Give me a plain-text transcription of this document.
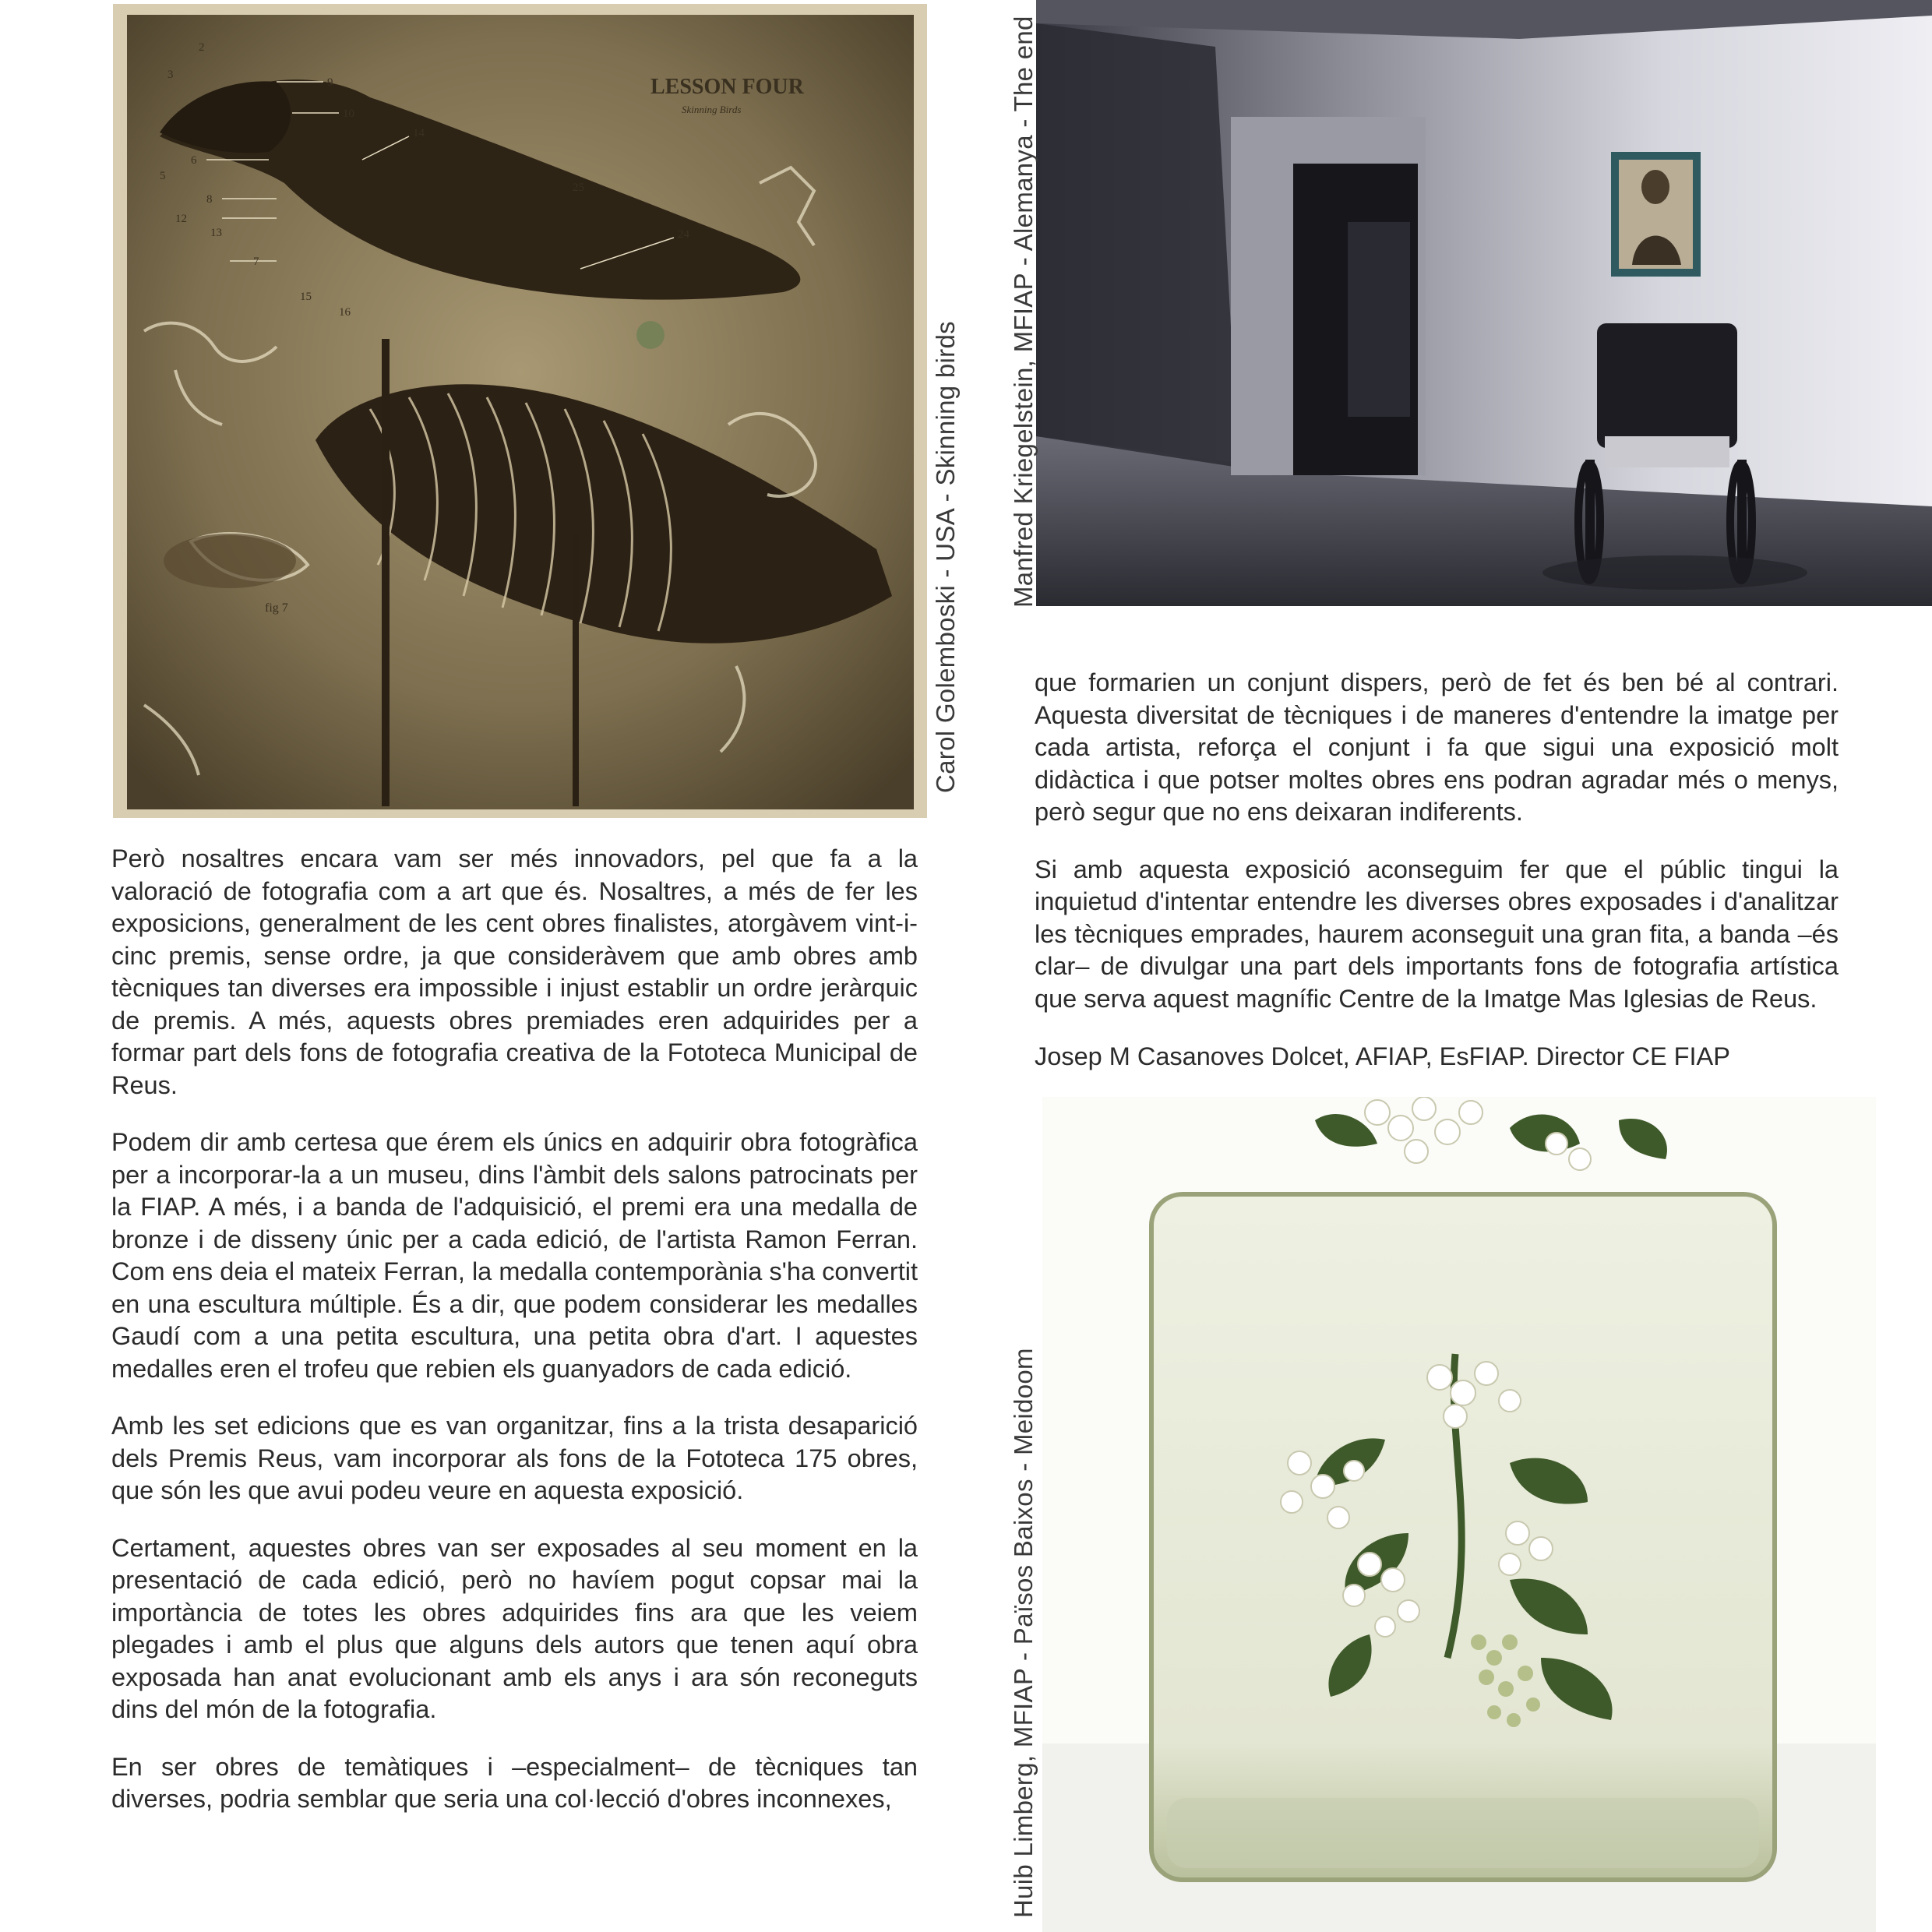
LESSON FOUR
Skinning Birds
fig 7
2
3
9
10
6
5
8
12
13
7
14
25
24
15
16
Carol Golemboski - USA - Skinning birds Manfred Kriegelstein, MFIAP - Alemanya - The end

Però nosaltres encara vam ser més innovadors, pel que fa a la valoració de fotografia com a art que és. Nosaltres, a més de fer les exposicions, generalment de les cent obres finalistes, atorgàvem vint-i-cinc premis, sense ordre, ja que consideràvem que amb obres amb tècniques tan diverses era impossible i injust establir un ordre jeràrquic de premis. A més, aquests obres premiades eren adquirides per a formar part dels fons de fotografia creativa de la Fototeca Municipal de Reus.

Podem dir amb certesa que érem els únics en adquirir obra fotogràfica per a incorporar-la a un museu, dins l'àmbit dels salons patrocinats per la FIAP. A més, i a banda de l'adquisició, el premi era una medalla de bronze i de disseny únic per a cada edició, de l'artista Ramon Ferran. Com ens deia el mateix Ferran, la medalla contemporània s'ha convertit en una escultura múltiple. És a dir, que podem considerar les medalles Gaudí com a una petita escultura, una petita obra d'art. I aquestes medalles eren el trofeu que rebien els guanyadors de cada edició.

Amb les set edicions que es van organitzar, fins a la trista desaparició dels Premis Reus, vam incorporar als fons de la Fototeca 175 obres, que són les que avui podeu veure en aquesta exposició.

Certament, aquestes obres van ser exposades al seu moment en la presentació de cada edició, però no havíem pogut copsar mai la importància de totes les obres adquirides fins ara que les veiem plegades i amb el plus que alguns dels autors que tenen aquí obra exposada han anat evolucionant amb els anys i ara són reconeguts dins del món de la fotografia.

En ser obres de temàtiques i –especialment– de tècniques tan diverses, podria semblar que seria una col·lecció d'obres inconnexes,

que formarien un conjunt dispers, però de fet és ben bé al contrari. Aquesta diversitat de tècniques i de maneres d'entendre la imatge per cada artista, reforça el conjunt i fa que sigui una exposició molt didàctica i que potser moltes obres ens podran agradar més o menys, però segur que no ens deixaran indiferents.

Si amb aquesta exposició aconseguim fer que el públic tingui la inquietud d'intentar entendre les diverses obres exposades i d'analitzar les tècniques emprades, haurem aconseguit una gran fita, a banda –és clar– de divulgar una part dels importants fons de fotografia artística que serva aquest magnífic Centre de la Imatge Mas Iglesias de Reus.

Josep M Casanoves Dolcet, AFIAP, EsFIAP. Director CE FIAP
Huib Limberg, MFIAP - Països Baixos - Meidoom
